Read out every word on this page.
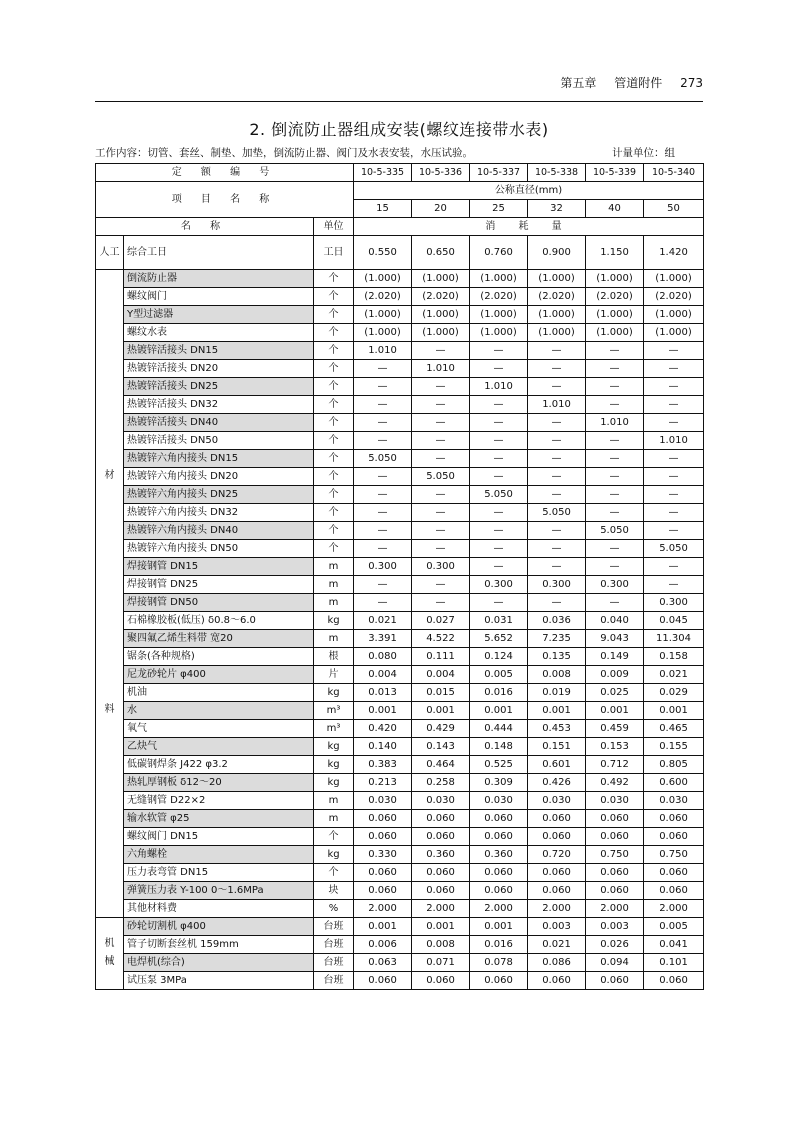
第五章 管道附件 273
2. 倒流防止器组成安装(螺纹连接带水表)
工作内容：切管、套丝、制垫、加垫，倒流防止器、阀门及水表安装，水压试验。	计量单位：组
定 额 编 号			10-5-335	10-5-336	10-5-337	10-5-338	10-5-339	10-5-340
项 目 名 称			公称直径(mm)					
			15	20	25	32	40	50
名 称		单位	消 耗 量					
人工	综合工日	工日	0.550	0.650	0.760	0.900	1.150	1.420

材
料	倒流防止器	个	(1.000)	(1.000)	(1.000)	(1.000)	(1.000)	(1.000)
	螺纹阀门	个	(2.020)	(2.020)	(2.020)	(2.020)	(2.020)	(2.020)
	Y型过滤器	个	(1.000)	(1.000)	(1.000)	(1.000)	(1.000)	(1.000)
	螺纹水表	个	(1.000)	(1.000)	(1.000)	(1.000)	(1.000)	(1.000)
	热镀锌活接头 DN15	个	1.010	—	—	—	—	—
	热镀锌活接头 DN20	个	—	1.010	—	—	—	—
	热镀锌活接头 DN25	个	—	—	1.010	—	—	—
	热镀锌活接头 DN32	个	—	—	—	1.010	—	—
	热镀锌活接头 DN40	个	—	—	—	—	1.010	—
	热镀锌活接头 DN50	个	—	—	—	—	—	1.010
	热镀锌六角内接头 DN15	个	5.050	—	—	—	—	—
	热镀锌六角内接头 DN20	个	—	5.050	—	—	—	—
	热镀锌六角内接头 DN25	个	—	—	5.050	—	—	—
	热镀锌六角内接头 DN32	个	—	—	—	5.050	—	—
	热镀锌六角内接头 DN40	个	—	—	—	—	5.050	—
	热镀锌六角内接头 DN50	个	—	—	—	—	—	5.050
	焊接钢管 DN15	m	0.300	0.300	—	—	—	—
	焊接钢管 DN25	m	—	—	0.300	0.300	0.300	—
	焊接钢管 DN50	m	—	—	—	—	—	0.300
	石棉橡胶板(低压) δ0.8～6.0	kg	0.021	0.027	0.031	0.036	0.040	0.045
	聚四氟乙烯生料带 宽20	m	3.391	4.522	5.652	7.235	9.043	11.304
	锯条(各种规格)	根	0.080	0.111	0.124	0.135	0.149	0.158
	尼龙砂轮片 φ400	片	0.004	0.004	0.005	0.008	0.009	0.021
	机油	kg	0.013	0.015	0.016	0.019	0.025	0.029
	水	m³	0.001	0.001	0.001	0.001	0.001	0.001
	氧气	m³	0.420	0.429	0.444	0.453	0.459	0.465
	乙炔气	kg	0.140	0.143	0.148	0.151	0.153	0.155
	低碳钢焊条 J422 φ3.2	kg	0.383	0.464	0.525	0.601	0.712	0.805
	热轧厚钢板 δ12～20	kg	0.213	0.258	0.309	0.426	0.492	0.600
	无缝钢管 D22×2	m	0.030	0.030	0.030	0.030	0.030	0.030
	输水软管 φ25	m	0.060	0.060	0.060	0.060	0.060	0.060
	螺纹阀门 DN15	个	0.060	0.060	0.060	0.060	0.060	0.060
	六角螺栓	kg	0.330	0.360	0.360	0.720	0.750	0.750
	压力表弯管 DN15	个	0.060	0.060	0.060	0.060	0.060	0.060
	弹簧压力表 Y-100 0～1.6MPa	块	0.060	0.060	0.060	0.060	0.060	0.060
	其他材料费	%	2.000	2.000	2.000	2.000	2.000	2.000

机
械	砂轮切割机 φ400	台班	0.001	0.001	0.001	0.003	0.003	0.005
	管子切断套丝机 159mm	台班	0.006	0.008	0.016	0.021	0.026	0.041
	电焊机(综合)	台班	0.063	0.071	0.078	0.086	0.094	0.101
	试压泵 3MPa	台班	0.060	0.060	0.060	0.060	0.060	0.060
